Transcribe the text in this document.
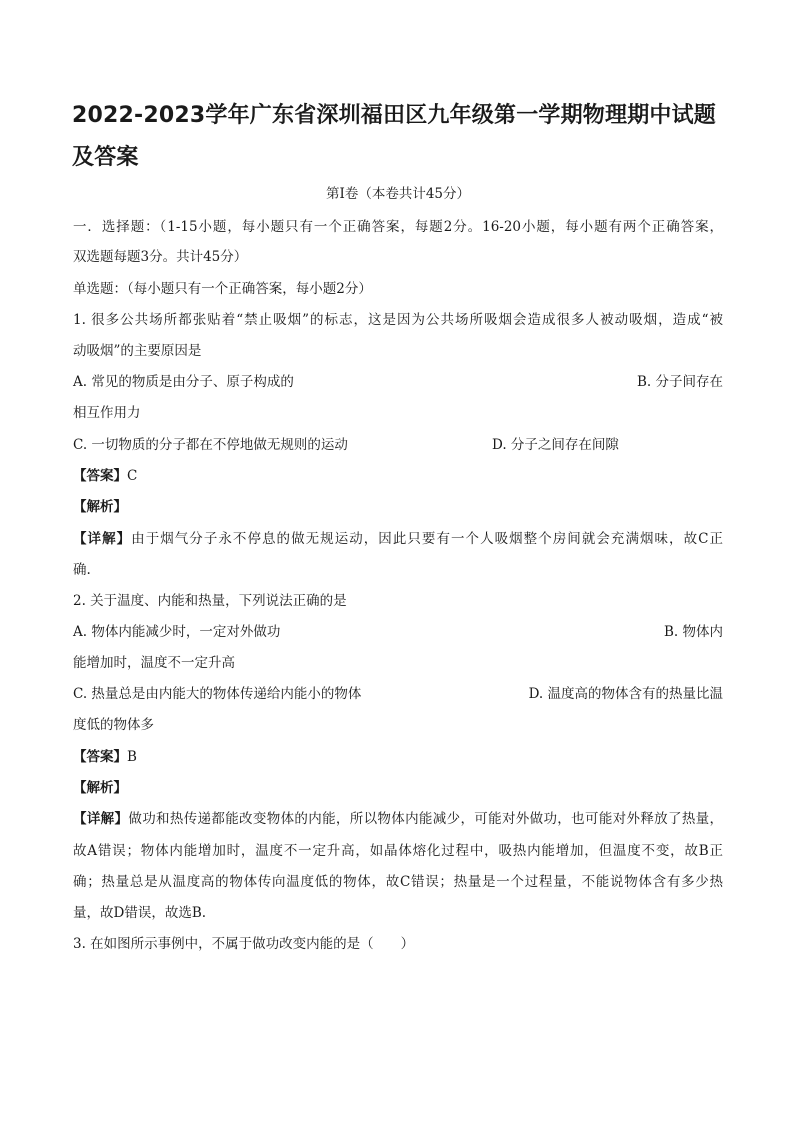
2022-2023学年广东省深圳福田区九年级第一学期物理期中试题及答案
第Ⅰ卷（本卷共计45分）
一．选择题：（1-15小题，每小题只有一个正确答案，每题2分。16-20小题，每小题有两个正确答案，
双选题每题3分。共计45分）
单选题：（每小题只有一个正确答案，每小题2分）
1. 很多公共场所都张贴着“禁止吸烟”的标志，这是因为公共场所吸烟会造成很多人被动吸烟，造成“被
动吸烟”的主要原因是
A. 常见的物质是由分子、原子构成的	B. 分子间存在
相互作用力
C. 一切物质的分子都在不停地做无规则的运动	D. 分子之间存在间隙
【答案】C
【解析】
【详解】由于烟气分子永不停息的做无规运动，因此只要有一个人吸烟整个房间就会充满烟味，故C正
确.
2. 关于温度、内能和热量，下列说法正确的是
A. 物体内能减少时，一定对外做功	B. 物体内
能增加时，温度不一定升高
C. 热量总是由内能大的物体传递给内能小的物体	D. 温度高的物体含有的热量比温
度低的物体多
【答案】B
【解析】
【详解】做功和热传递都能改变物体的内能，所以物体内能减少，可能对外做功，也可能对外释放了热量，
故A错误；物体内能增加时，温度不一定升高，如晶体熔化过程中，吸热内能增加，但温度不变，故B正
确；热量总是从温度高的物体传向温度低的物体，故C错误；热量是一个过程量，不能说物体含有多少热
量，故D错误，故选B.
3. 在如图所示事例中，不属于做功改变内能的是（　　）
